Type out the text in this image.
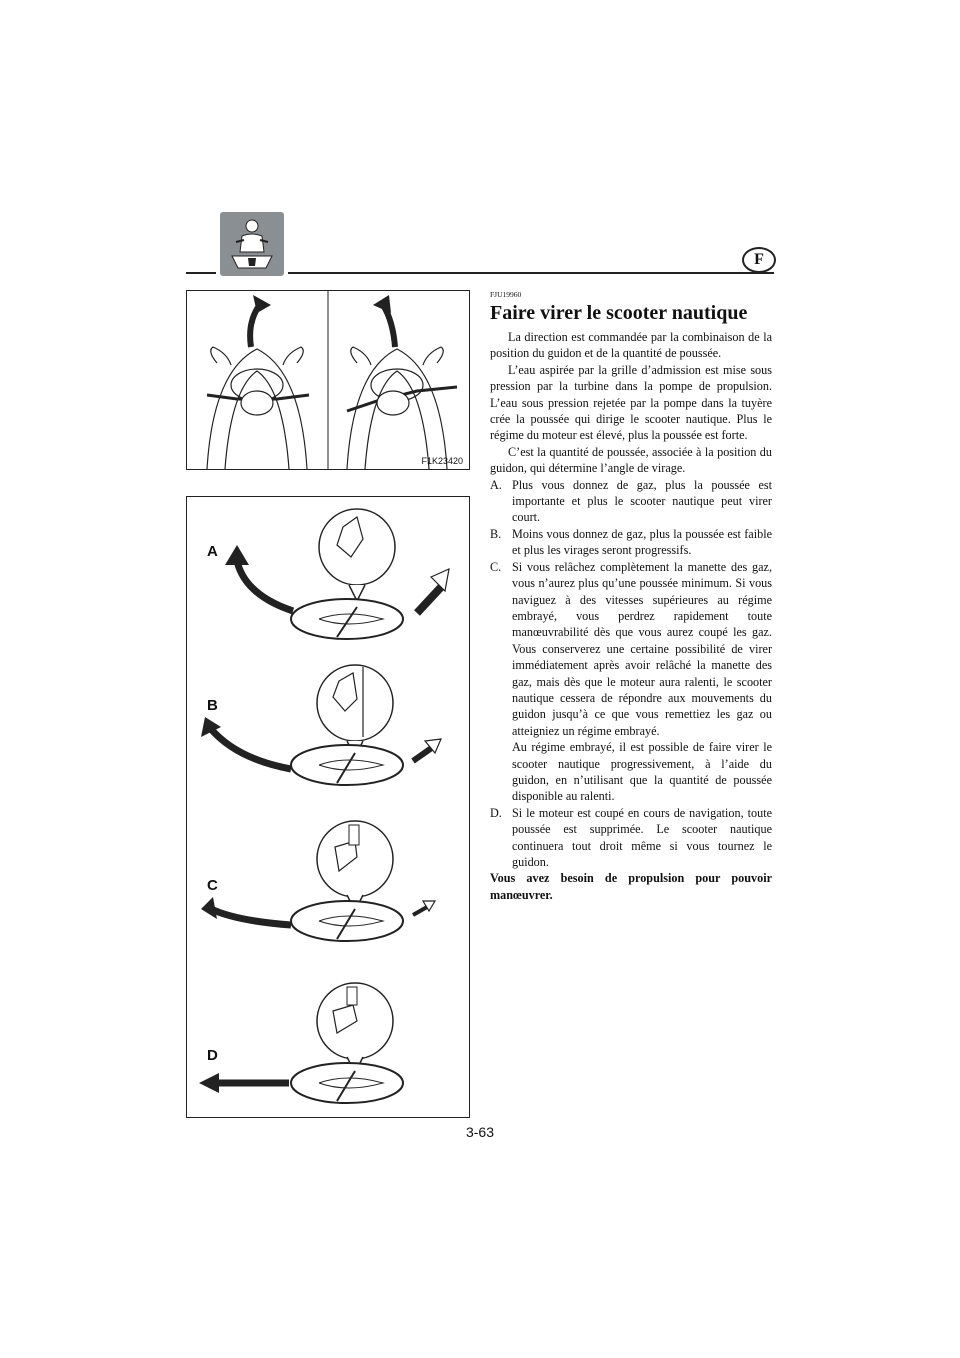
F
F1K23420
A
B
C
D
FJU19960
Faire virer le scooter nautique

La direction est commandée par la combinaison de la position du guidon et de la quantité de poussée.

L’eau aspirée par la grille d’admission est mise sous pression par la turbine dans la pompe de propulsion. L’eau sous pression rejetée par la pompe dans la tuyère crée la poussée qui dirige le scooter nautique. Plus le régime du moteur est élevé, plus la poussée est forte.

C’est la quantité de poussée, associée à la position du guidon, qui détermine l’angle de virage.

A. Plus vous donnez de gaz, plus la poussée est importante et plus le scooter nautique peut virer court.
B. Moins vous donnez de gaz, plus la poussée est faible et plus les virages seront progressifs.
C. Si vous relâchez complètement la manette des gaz, vous n’aurez plus qu’une poussée minimum. Si vous naviguez à des vitesses supérieures au régime embrayé, vous perdrez rapidement toute manœuvrabilité dès que vous aurez coupé les gaz. Vous conserverez une certaine possibilité de virer immédiatement après avoir relâché la manette des gaz, mais dès que le moteur aura ralenti, le scooter nautique cessera de répondre aux mouvements du guidon jusqu’à ce que vous remettiez les gaz ou atteigniez un régime embrayé.
Au régime embrayé, il est possible de faire virer le scooter nautique progressivement, à l’aide du guidon, en n’utilisant que la quantité de poussée disponible au ralenti.
D. Si le moteur est coupé en cours de navigation, toute poussée est supprimée. Le scooter nautique continuera tout droit même si vous tournez le guidon.

Vous avez besoin de propulsion pour pouvoir manœuvrer.

3-63
